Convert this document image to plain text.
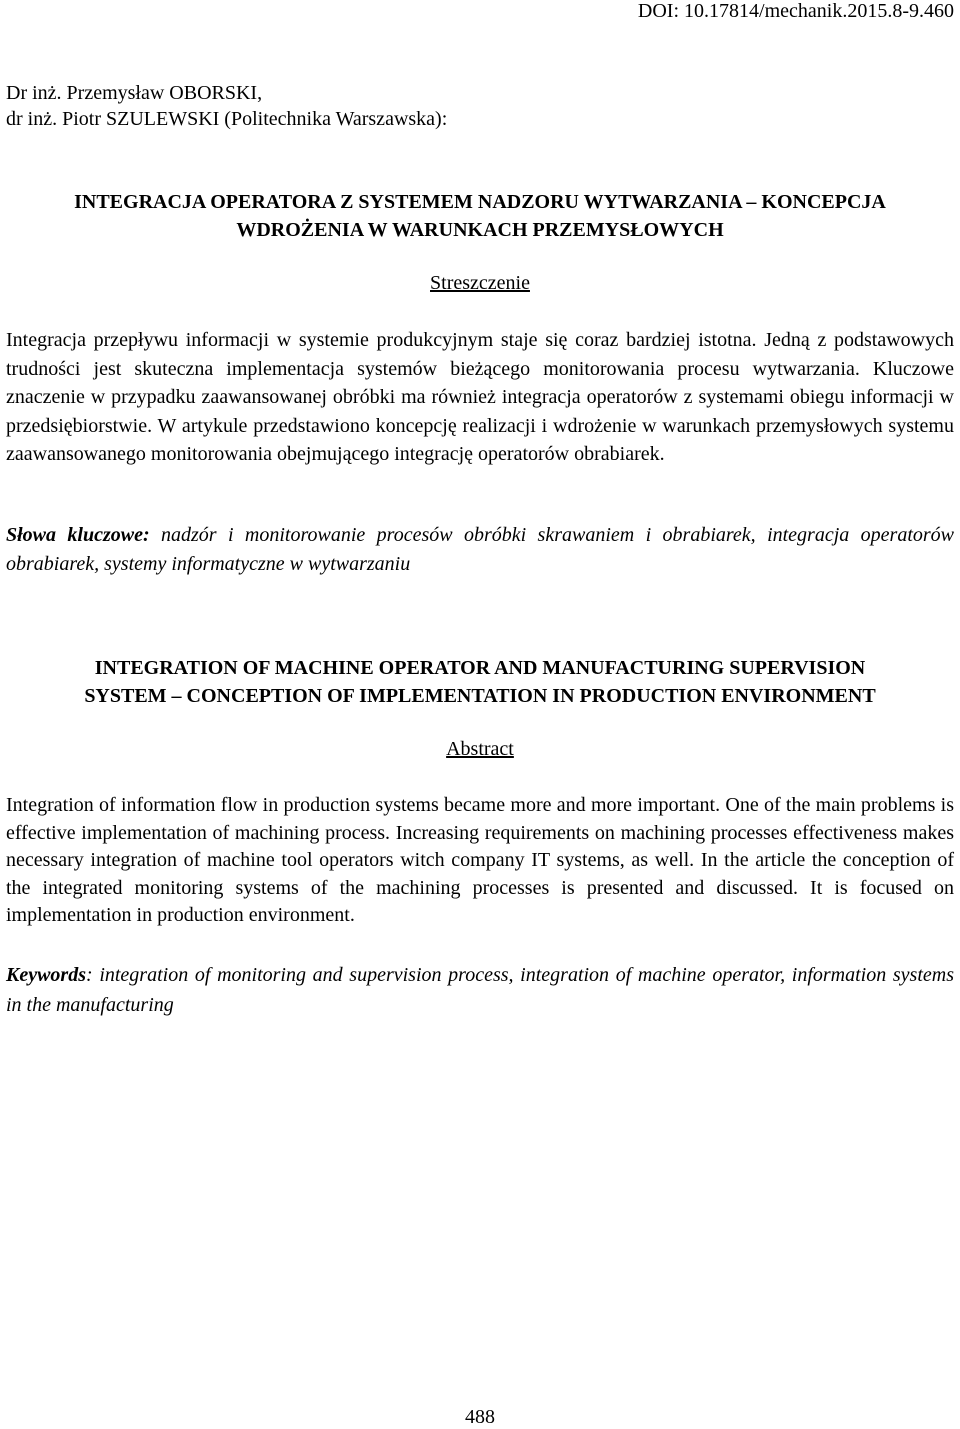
DOI: 10.17814/mechanik.2015.8-9.460
Dr inż. Przemysław OBORSKI,
dr inż. Piotr SZULEWSKI (Politechnika Warszawska):
INTEGRACJA OPERATORA Z SYSTEMEM NADZORU WYTWARZANIA – KONCEPCJA
WDROŻENIA W WARUNKACH PRZEMYSŁOWYCH
Streszczenie
Integracja przepływu informacji w systemie produkcyjnym staje się coraz bardziej istotna. Jedną z podstawowych trudności jest skuteczna implementacja systemów bieżącego monitorowania procesu wytwarzania. Kluczowe znaczenie w przypadku zaawansowanej obróbki ma również integracja operatorów z systemami obiegu informacji w przedsiębiorstwie. W artykule przedstawiono koncepcję realizacji i wdrożenie w warunkach przemysłowych systemu zaawansowanego monitorowania obejmującego integrację operatorów obrabiarek.
Słowa kluczowe: nadzór i monitorowanie procesów obróbki skrawaniem i obrabiarek, integracja operatorów obrabiarek, systemy informatyczne w wytwarzaniu
INTEGRATION OF MACHINE OPERATOR AND MANUFACTURING SUPERVISION
SYSTEM – CONCEPTION OF IMPLEMENTATION IN PRODUCTION ENVIRONMENT
Abstract
Integration of information flow in production systems became more and more important. One of the main problems is effective implementation of machining process. Increasing requirements on machining processes effectiveness makes necessary integration of machine tool operators witch company IT systems, as well. In the article the conception of the integrated monitoring systems of the machining processes is presented and discussed. It is focused on implementation in production environment.
Keywords: integration of monitoring and supervision process, integration of machine operator, information systems in the manufacturing
488
